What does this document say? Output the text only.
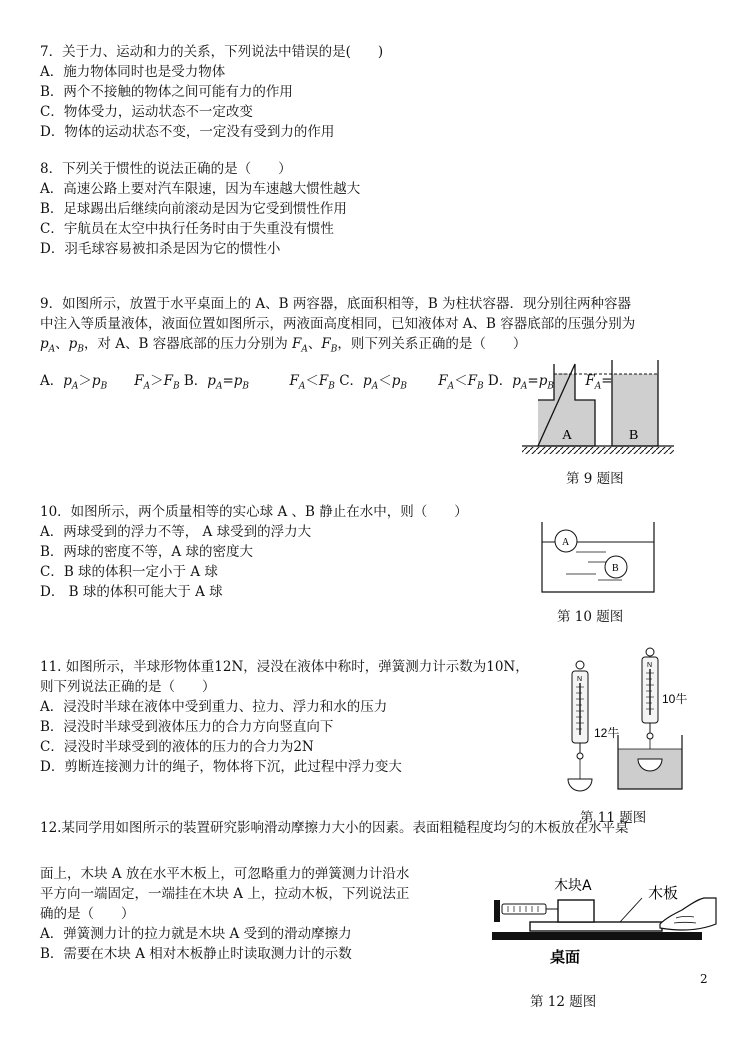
7．关于力、运动和力的关系，下列说法中错误的是(　　)

A．施力物体同时也是受力物体

B．两个不接触的物体之间可能有力的作用

C．物体受力，运动状态不一定改变

D．物体的运动状态不变，一定没有受到力的作用

8．下列关于惯性的说法正确的是（　　）

A．高速公路上要对汽车限速，因为车速越大惯性越大

B．足球踢出后继续向前滚动是因为它受到惯性作用

C．宇航员在太空中执行任务时由于失重没有惯性

D．羽毛球容易被扣杀是因为它的惯性小

9．如图所示，放置于水平桌面上的 A、B 两容器，底面积相等，B 为柱状容器．现分别往两种容器

中注入等质量液体，液面位置如图所示，两液面高度相同，已知液体对 A、B 容器底部的压强分别为

$p_A$、$p_B$，对 A、B 容器底部的压力分别为 $F_A$、$F_B$，则下列关系正确的是（　　）

A．$p_A>p_B$　　 $F_A>F_B$ B．$p_A=p_B$　　　	$F_A<F_B$ C．$p_A<p_B$　　 $F_A<F_B$ D．$p_A=p_B$　　 $F_A=$
A	B
第 9 题图

10．如图所示，两个质量相等的实心球 A 、B 静止在水中，则（　　）

A．两球受到的浮力不等， A 球受到的浮力大

B．两球的密度不等，A 球的密度大

C．B 球的体积一定小于 A 球

D． B 球的体积可能大于 A 球

A
B
第 10 题图

11. 如图所示，半球形物体重12N，浸没在液体中称时，弹簧测力计示数为10N，

则下列说法正确的是（　　）

A．浸没时半球在液体中受到重力、拉力、浮力和水的压力

B．浸没时半球受到液体压力的合力方向竖直向下

C．浸没时半球受到的液体的压力的合力为2N

D．剪断连接测力计的绳子，物体将下沉，此过程中浮力变大

N
12牛
N
10牛
第 11 题图

12.某同学用如图所示的装置研究影响滑动摩擦力大小的因素。表面粗糙程度均匀的木板放在水平桌

面上，木块 A 放在水平木板上，可忽略重力的弹簧测力计沿水

平方向一端固定，一端挂在木块 A 上，拉动木板，下列说法正

确的是（　　）

A．弹簧测力计的拉力就是木块 A 受到的滑动摩擦力

B．需要在木块 A 相对木板静止时读取测力计的示数

木块A	木板
桌面
第 12 题图
2
